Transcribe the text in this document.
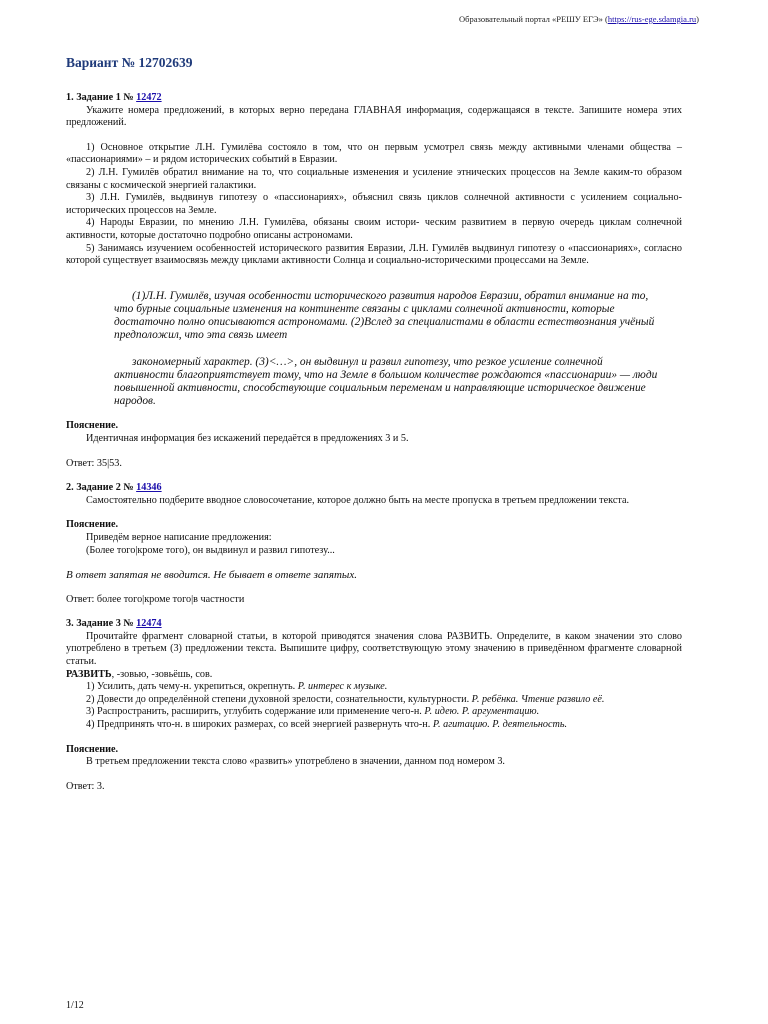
Образовательный портал «РЕШУ ЕГЭ» (https://rus-ege.sdamgia.ru)
Вариант № 12702639

1. Задание 1 № 12472

Укажите номера предложений, в которых верно передана ГЛАВНАЯ информация, содержащаяся в тексте. Запишите номера этих предложений.

1) Основное открытие Л.Н. Гумилёва состояло в том, что он первым усмотрел связь между активными членами общества – «пассионариями» – и рядом исторических событий в Евразии.

2) Л.Н. Гумилёв обратил внимание на то, что социальные изменения и усиление этнических процессов на Земле каким-то образом связаны с космической энергией галактики.

3) Л.Н. Гумилёв, выдвинув гипотезу о «пассионариях», объяснил связь циклов солнечной активности с усилением социально-исторических процессов на Земле.

4) Народы Евразии, по мнению Л.Н. Гумилёва, обязаны своим истори- ческим развитием в первую очередь циклам солнечной активности, которые достаточно подробно описаны астрономами.

5) Занимаясь изучением особенностей исторического развития Евразии, Л.Н. Гумилёв выдвинул гипотезу о «пассионариях», согласно которой существует взаимосвязь между циклами активности Солнца и социально-историческими процессами на Земле.

(1)Л.Н. Гумилёв, изучая особенности исторического развития народов Евразии, обратил внимание на то, что бурные социальные изменения на континенте связаны с циклами солнечной активности, которые достаточно полно описываются астрономами. (2)Вслед за специалистами в области естествознания учёный предположил, что эта связь имеет

закономерный характер. (3)<…>, он выдвинул и развил гипотезу, что резкое усиление солнечной активности благоприятствует тому, что на Земле в большом количестве рождаются «пассионарии» — люди повышенной активности, способствующие социальным переменам и направляющие историческое движение народов.

Пояснение.

Идентичная информация без искажений передаётся в предложениях 3 и 5.

Ответ: 35|53.

2. Задание 2 № 14346

Самостоятельно подберите вводное словосочетание, которое должно быть на месте пропуска в третьем предложении текста.

Пояснение.

Приведём верное написание предложения:

(Более того|кроме того), он выдвинул и развил гипотезу...

В ответ запятая не вводится. Не бывает в ответе запятых.

Ответ: более того|кроме того|в частности

3. Задание 3 № 12474

Прочитайте фрагмент словарной статьи, в которой приводятся значения слова РАЗВИТЬ. Определите, в каком значении это слово употреблено в третьем (3) предложении текста. Выпишите цифру, соответствующую этому значению в приведённом фрагменте словарной статьи.

РАЗВИТЬ, -зовью, -зовьёшь, сов.

1) Усилить, дать чему-н. укрепиться, окрепнуть. Р. интерес к музыке.

2) Довести до определённой степени духовной зрелости, сознательности, культурности. Р. ребёнка. Чтение развило её.

3) Распространить, расширить, углубить содержание или применение чего-н. Р. идею. Р. аргументацию.

4) Предпринять что-н. в широких размерах, со всей энергией развернуть что-н. Р. агитацию. Р. деятельность.

Пояснение.

В третьем предложении текста слово «развить» употреблено в значении, данном под номером 3.

Ответ: 3.

1/12
